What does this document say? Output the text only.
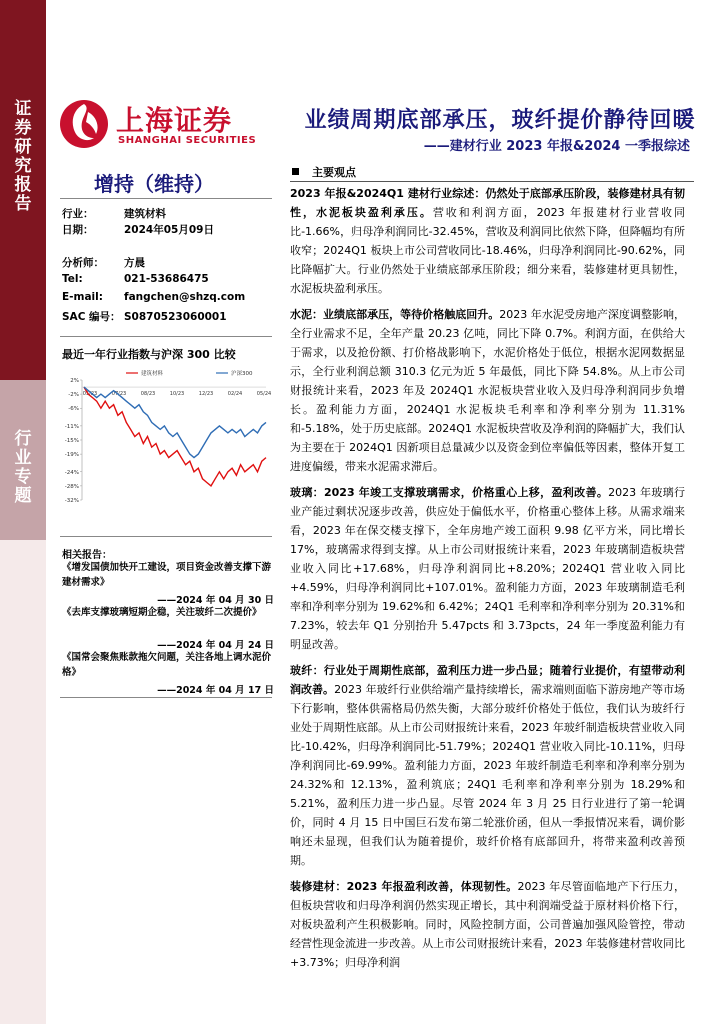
证券研究报告
行业专题
上海证券
SHANGHAI SECURITIES
业绩周期底部承压，玻纤提价静待回暖
——建材行业 2023 年报&2024 一季报综述
增持（维持）
行业：	建筑材料
日期：	2024年05月09日
分析师： 方晨
Tel:	021-53686475
E-mail: fangchen@shzq.com
SAC 编号： S0870523060001
最近一年行业指数与沪深 300 比较
2%
-2%
-6%
-11%
-15%
-19%
-24%
-28%
-32%
05/23	07/23	08/23	10/23	12/23	02/24	05/24
建筑材料	沪深300
相关报告：
《增发国债加快开工建设，项目资金改善支撑下游建材需求》
——2024 年 04 月 30 日
《去库支撑玻璃短期企稳，关注玻纤二次提价》
——2024 年 04 月 24 日
《国常会聚焦账款拖欠问题，关注各地上调水泥价格》
——2024 年 04 月 17 日
主要观点

2023 年报&2024Q1 建材行业综述：仍然处于底部承压阶段，装修建材具有韧性，水泥板块盈利承压。营收和利润方面，2023 年报建材行业营收同比-1.66%，归母净利润同比-32.45%，营收及利润同比依然下降，但降幅均有所收窄；2024Q1 板块上市公司营收同比-18.46%，归母净利润同比-90.62%，同比降幅扩大。行业仍然处于业绩底部承压阶段；细分来看，装修建材更具韧性，水泥板块盈利承压。

水泥：业绩底部承压，等待价格触底回升。2023 年水泥受房地产深度调整影响，全行业需求不足，全年产量 20.23 亿吨，同比下降 0.7%。利润方面，在供给大于需求，以及抢份额、打价格战影响下，水泥价格处于低位，根据水泥网数据显示，全行业利润总额 310.3 亿元为近 5 年最低，同比下降 54.8%。从上市公司财报统计来看，2023 年及 2024Q1 水泥板块营业收入及归母净利润同步负增长。盈利能力方面，2024Q1 水泥板块毛利率和净利率分别为 11.31%和-5.18%，处于历史底部。2024Q1 水泥板块营收及净利润的降幅扩大，我们认为主要在于 2024Q1 因新项目总量减少以及资金到位率偏低等因素，整体开复工进度偏缓，带来水泥需求滞后。

玻璃：2023 年竣工支撑玻璃需求，价格重心上移，盈利改善。2023 年玻璃行业产能过剩状况逐步改善，供应处于偏低水平，价格重心整体上移。从需求端来看，2023 年在保交楼支撑下，全年房地产竣工面积 9.98 亿平方米，同比增长 17%，玻璃需求得到支撑。从上市公司财报统计来看，2023 年玻璃制造板块营业收入同比+17.68%，归母净利润同比+8.20%；2024Q1 营业收入同比+4.59%，归母净利润同比+107.01%。盈利能力方面，2023 年玻璃制造毛利率和净利率分别为 19.62%和 6.42%；24Q1 毛利率和净利率分别为 20.31%和 7.23%，较去年 Q1 分别抬升 5.47pcts 和 3.73pcts，24 年一季度盈利能力有明显改善。

玻纤：行业处于周期性底部，盈利压力进一步凸显；随着行业提价，有望带动利润改善。2023 年玻纤行业供给端产量持续增长，需求端则面临下游房地产等市场下行影响，整体供需格局仍然失衡，大部分玻纤价格处于低位，我们认为玻纤行业处于周期性底部。从上市公司财报统计来看，2023 年玻纤制造板块营业收入同比-10.42%，归母净利润同比-51.79%；2024Q1 营业收入同比-10.11%，归母净利润同比-69.99%。盈利能力方面，2023 年玻纤制造毛利率和净利率分别为 24.32%和 12.13%，盈利筑底；24Q1 毛利率和净利率分别为 18.29%和 5.21%，盈利压力进一步凸显。尽管 2024 年 3 月 25 日行业进行了第一轮调价，同时 4 月 15 日中国巨石发布第二轮涨价函，但从一季报情况来看，调价影响还未显现，但我们认为随着提价，玻纤价格有底部回升，将带来盈利改善预期。

装修建材：2023 年报盈利改善，体现韧性。2023 年尽管面临地产下行压力，但板块营收和归母净利润仍然实现正增长，其中利润端受益于原材料价格下行，对板块盈利产生积极影响。同时，风险控制方面，公司普遍加强风险管控，带动经营性现金流进一步改善。从上市公司财报统计来看，2023 年装修建材营收同比+3.73%；归母净利润
